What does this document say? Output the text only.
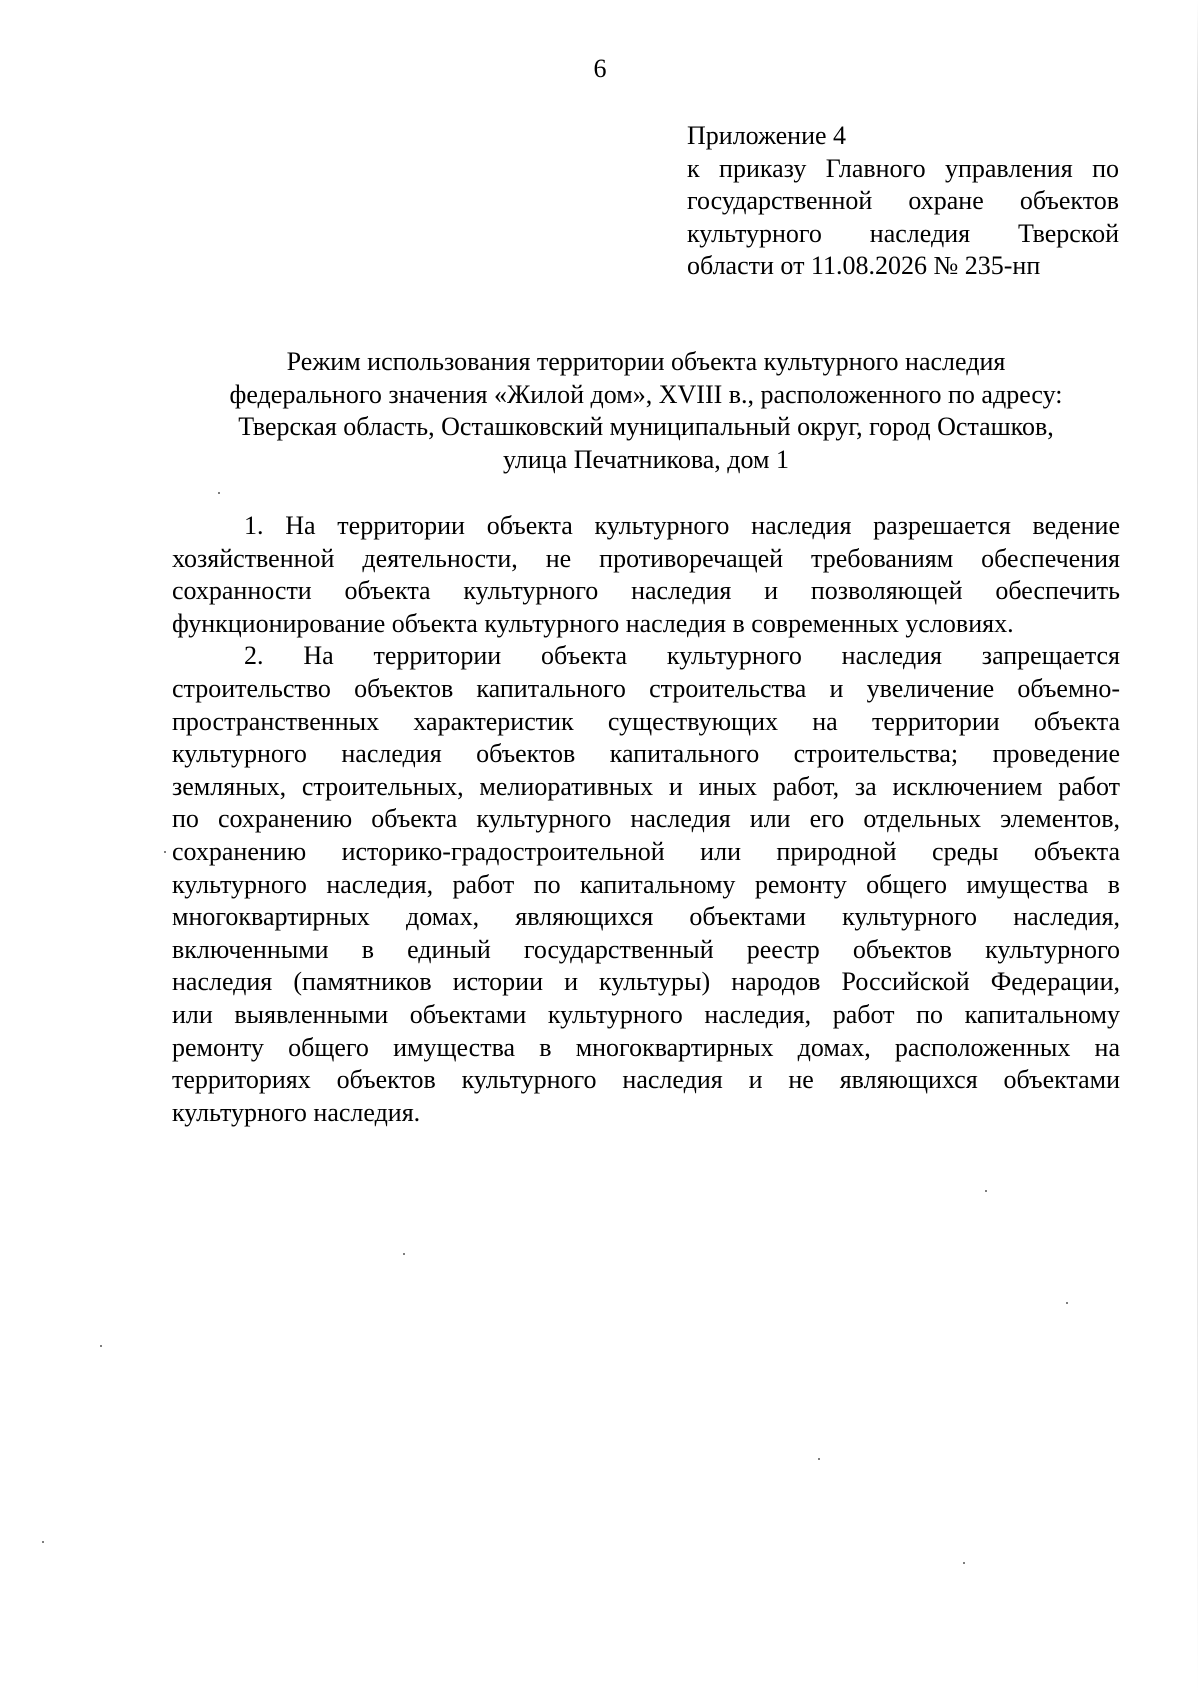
6
Приложение 4
к приказу Главного управления по
государственной охране объектов
культурного наследия Тверской
области от 11.08.2026 № 235-нп
Режим использования территории объекта культурного наследия
федерального значения «Жилой дом», XVIII в., расположенного по адресу:
Тверская область, Осташковский муниципальный округ, город Осташков,
улица Печатникова, дом 1
1. На территории объекта культурного наследия разрешается ведение
хозяйственной деятельности, не противоречащей требованиям обеспечения
сохранности объекта культурного наследия и позволяющей обеспечить
функционирование объекта культурного наследия в современных условиях.
2. На территории объекта культурного наследия запрещается
строительство объектов капитального строительства и увеличение объемно-
пространственных характеристик существующих на территории объекта
культурного наследия объектов капитального строительства; проведение
земляных, строительных, мелиоративных и иных работ, за исключением работ
по сохранению объекта культурного наследия или его отдельных элементов,
сохранению историко-градостроительной или природной среды объекта
культурного наследия, работ по капитальному ремонту общего имущества в
многоквартирных домах, являющихся объектами культурного наследия,
включенными в единый государственный реестр объектов культурного
наследия (памятников истории и культуры) народов Российской Федерации,
или выявленными объектами культурного наследия, работ по капитальному
ремонту общего имущества в многоквартирных домах, расположенных на
территориях объектов культурного наследия и не являющихся объектами
культурного наследия.
